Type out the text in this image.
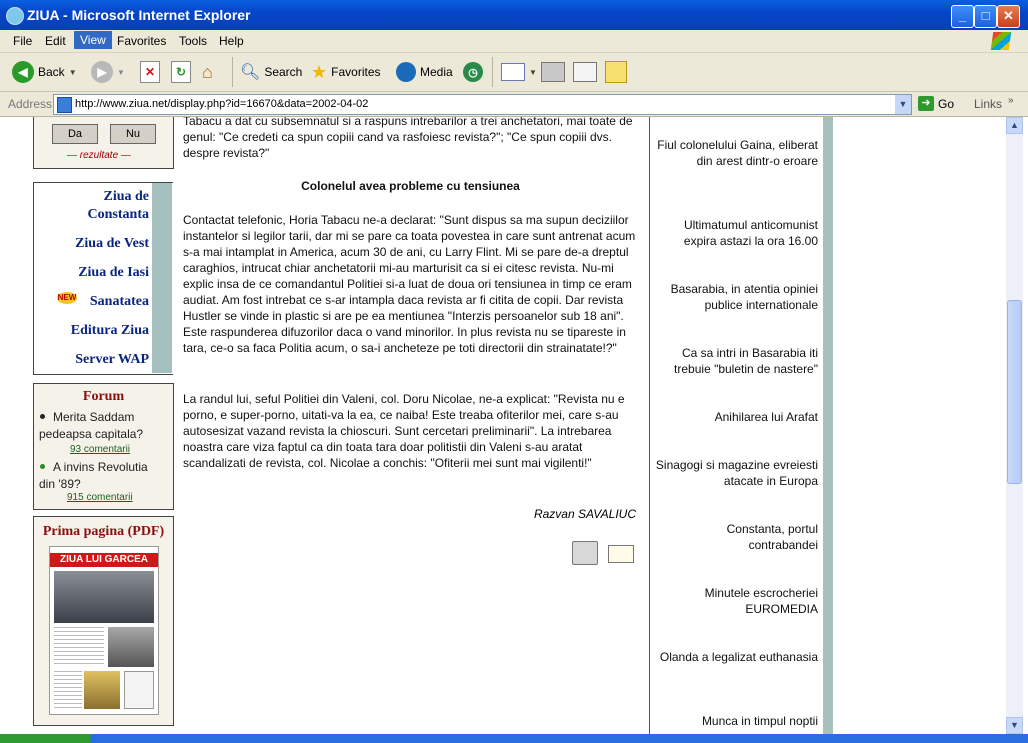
ZIUA - Microsoft Internet Explorer	_	□	✕
File Edit	View Favorites Tools Help
◀ Back ▼	▶	▼	✕	↻ ⌂	🔍︎ Search ★ Favorites	Media	◷	▼
Address http://www.ziua.net/display.php?id=16670&data=2002-04-02	▼	➜ Go Links »
Da	Nu
— rezultate —
Ziua de Constanta
Ziua de Vest
Ziua de Iasi
NEW Sanatatea
Editura Ziua
Server WAP
Forum
Merita Saddam pedeapsa capitala?
93 comentarii
A invins Revolutia din '89?
915 comentarii
Prima pagina (PDF)
ZIUA LUI GARCEA
Tabacu a dat cu subsemnatul si a raspuns intrebarilor a trei anchetatori, mai toate de genul: "Ce credeti ca spun copiii cand va rasfoiesc revista?"; "Ce spun copiii dvs. despre revista?"
Colonelul avea probleme cu tensiunea
Contactat telefonic, Horia Tabacu ne-a declarat: "Sunt dispus sa ma supun deciziilor instantelor si legilor tarii, dar mi se pare ca toata povestea in care sunt antrenat acum s-a mai intamplat in America, acum 30 de ani, cu Larry Flint. Mi se pare de-a dreptul caraghios, intrucat chiar anchetatorii mi-au marturisit ca si ei citesc revista. Nu-mi explic insa de ce comandantul Politiei si-a luat de doua ori tensiunea in timp ce eram audiat. Am fost intrebat ce s-ar intampla daca revista ar fi citita de copii. Dar revista Hustler se vinde in plastic si are pe ea mentiunea "Interzis persoanelor sub 18 ani". Este raspunderea difuzorilor daca o vand minorilor. In plus revista nu se tipareste in tara, ce-o sa faca Politia acum, o sa-i ancheteze pe toti directorii din strainatate!?"
La randul lui, seful Politiei din Valeni, col. Doru Nicolae, ne-a explicat: "Revista nu e porno, e super-porno, uitati-va la ea, ce naiba! Este treaba ofiterilor mei, care s-au autosesizat vazand revista la chioscuri. Sunt cercetari preliminarii". La intrebarea noastra care viza faptul ca din toata tara doar politistii din Valeni s-au aratat scandalizati de revista, col. Nicolae a conchis: "Ofiterii mei sunt mai vigilenti!"
Razvan SAVALIUC
Fiul colonelului Gaina, eliberat din arest dintr-o eroare
Ultimatumul anticomunist expira astazi la ora 16.00
Basarabia, in atentia opiniei publice internationale
Ca sa intri in Basarabia iti trebuie "buletin de nastere"
Anihilarea lui Arafat
Sinagogi si magazine evreiesti atacate in Europa
Constanta, portul contrabandei
Minutele escrocheriei EUROMEDIA
Olanda a legalizat euthanasia
Munca in timpul noptii
▲
▼
